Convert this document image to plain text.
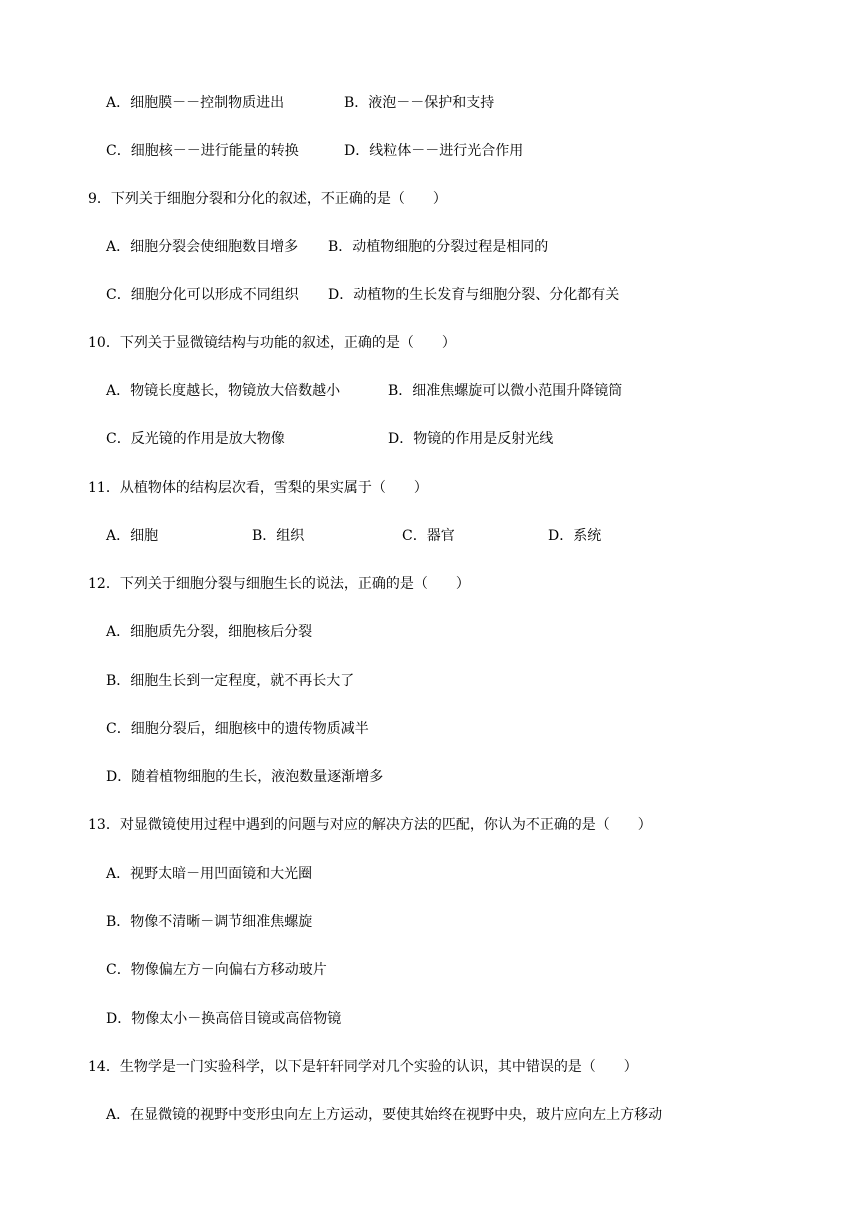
A．细胞膜－－控制物质进出	B．液泡－－保护和支持
C．细胞核－－进行能量的转换	D．线粒体－－进行光合作用
9．下列关于细胞分裂和分化的叙述，不正确的是（　　）
A．细胞分裂会使细胞数目增多 B．动植物细胞的分裂过程是相同的
C．细胞分化可以形成不同组织 D．动植物的生长发育与细胞分裂、分化都有关
10．下列关于显微镜结构与功能的叙述，正确的是（　　）
A．物镜长度越长，物镜放大倍数越小	B．细准焦螺旋可以微小范围升降镜筒
C．反光镜的作用是放大物像	D．物镜的作用是反射光线
11．从植物体的结构层次看，雪梨的果实属于（　　）
A．细胞	B．组织	C．器官	D．系统
12．下列关于细胞分裂与细胞生长的说法，正确的是（　　）
A．细胞质先分裂，细胞核后分裂
B．细胞生长到一定程度，就不再长大了
C．细胞分裂后，细胞核中的遗传物质减半
D．随着植物细胞的生长，液泡数量逐渐增多
13．对显微镜使用过程中遇到的问题与对应的解决方法的匹配，你认为不正确的是（　　）
A．视野太暗－用凹面镜和大光圈
B．物像不清晰－调节细准焦螺旋
C．物像偏左方－向偏右方移动玻片
D．物像太小－换高倍目镜或高倍物镜
14．生物学是一门实验科学，以下是轩轩同学对几个实验的认识，其中错误的是（　　）
A．在显微镜的视野中变形虫向左上方运动，要使其始终在视野中央，玻片应向左上方移动
